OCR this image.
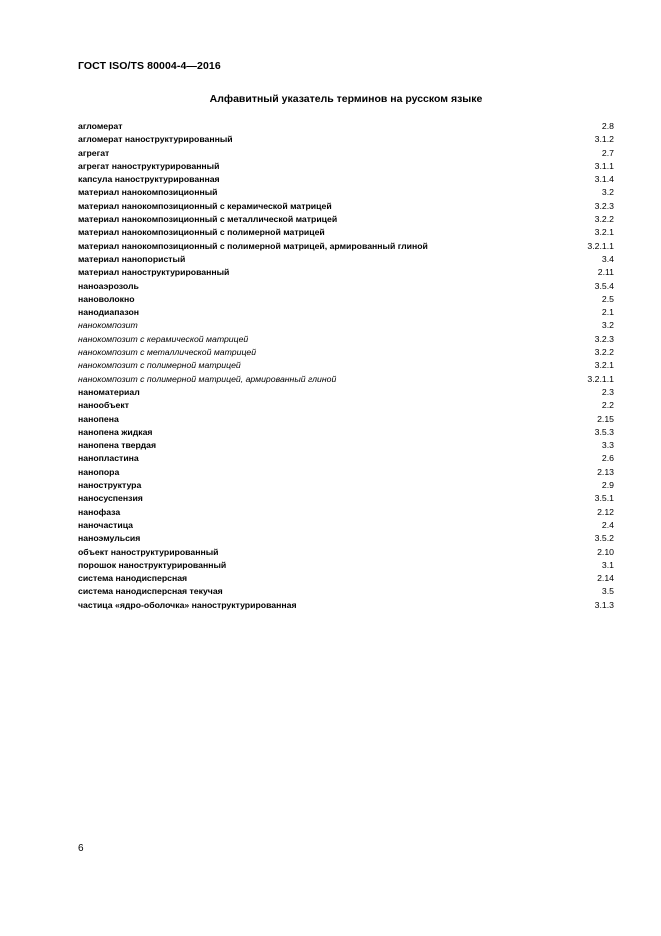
ГОСТ ISO/TS 80004-4—2016
Алфавитный указатель терминов на русском языке
агломерат	2.8
агломерат наноструктурированный	3.1.2
агрегат	2.7
агрегат наноструктурированный	3.1.1
капсула наноструктурированная	3.1.4
материал нанокомпозиционный	3.2
материал нанокомпозиционный с керамической матрицей	3.2.3
материал нанокомпозиционный с металлической матрицей	3.2.2
материал нанокомпозиционный с полимерной матрицей	3.2.1
материал нанокомпозиционный с полимерной матрицей, армированный глиной	3.2.1.1
материал нанопористый	3.4
материал наноструктурированный	2.11
наноаэрозоль	3.5.4
нановолокно	2.5
нанодиапазон	2.1
нанокомпозит	3.2
нанокомпозит с керамической матрицей	3.2.3
нанокомпозит с металлической матрицей	3.2.2
нанокомпозит с полимерной матрицей	3.2.1
нанокомпозит с полимерной матрицей, армированный глиной	3.2.1.1
наноматериал	2.3
нанообъект	2.2
нанопена	2.15
нанопена жидкая	3.5.3
нанопена твердая	3.3
нанопластина	2.6
нанопора	2.13
наноструктура	2.9
наносуспензия	3.5.1
нанофаза	2.12
наночастица	2.4
наноэмульсия	3.5.2
объект наноструктурированный	2.10
порошок наноструктурированный	3.1
система нанодисперсная	2.14
система нанодисперсная текучая	3.5
частица «ядро-оболочка» наноструктурированная	3.1.3
6
